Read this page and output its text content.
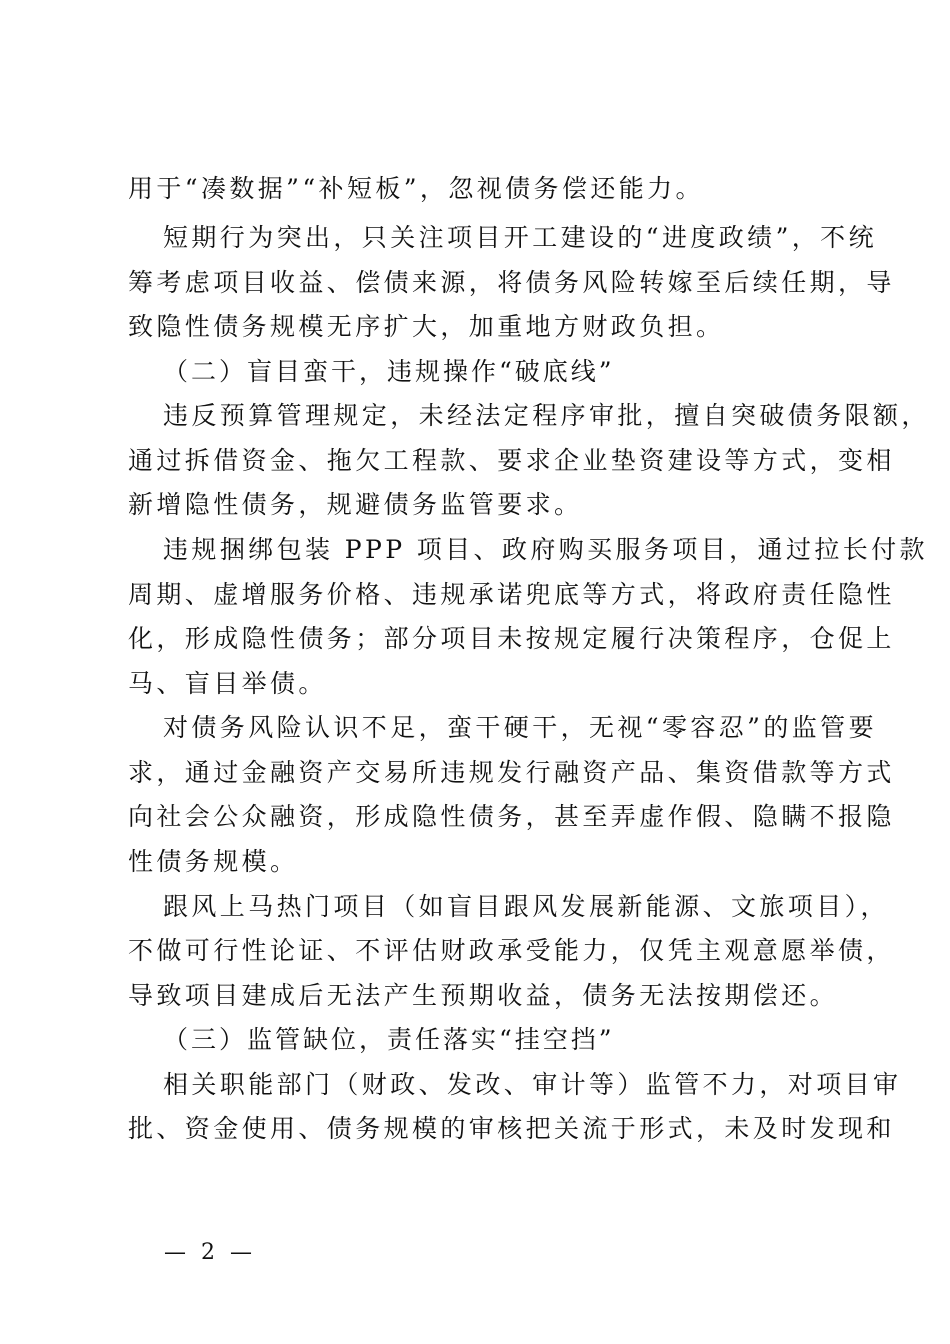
用于“凑数据”“补短板”，忽视债务偿还能力。
短期行为突出，只关注项目开工建设的“进度政绩”，不统
筹考虑项目收益、偿债来源，将债务风险转嫁至后续任期，导
致隐性债务规模无序扩大，加重地方财政负担。
（二）盲目蛮干，违规操作“破底线”
违反预算管理规定，未经法定程序审批，擅自突破债务限额，
通过拆借资金、拖欠工程款、要求企业垫资建设等方式，变相
新增隐性债务，规避债务监管要求。
违规捆绑包装 PPP 项目、政府购买服务项目，通过拉长付款
周期、虚增服务价格、违规承诺兜底等方式，将政府责任隐性
化，形成隐性债务；部分项目未按规定履行决策程序，仓促上
马、盲目举债。
对债务风险认识不足，蛮干硬干，无视“零容忍”的监管要
求，通过金融资产交易所违规发行融资产品、集资借款等方式
向社会公众融资，形成隐性债务，甚至弄虚作假、隐瞒不报隐
性债务规模。
跟风上马热门项目（如盲目跟风发展新能源、文旅项目），
不做可行性论证、不评估财政承受能力，仅凭主观意愿举债，
导致项目建成后无法产生预期收益，债务无法按期偿还。
（三）监管缺位，责任落实“挂空挡”
相关职能部门（财政、发改、审计等）监管不力，对项目审
批、资金使用、债务规模的审核把关流于形式，未及时发现和
— 2 —
